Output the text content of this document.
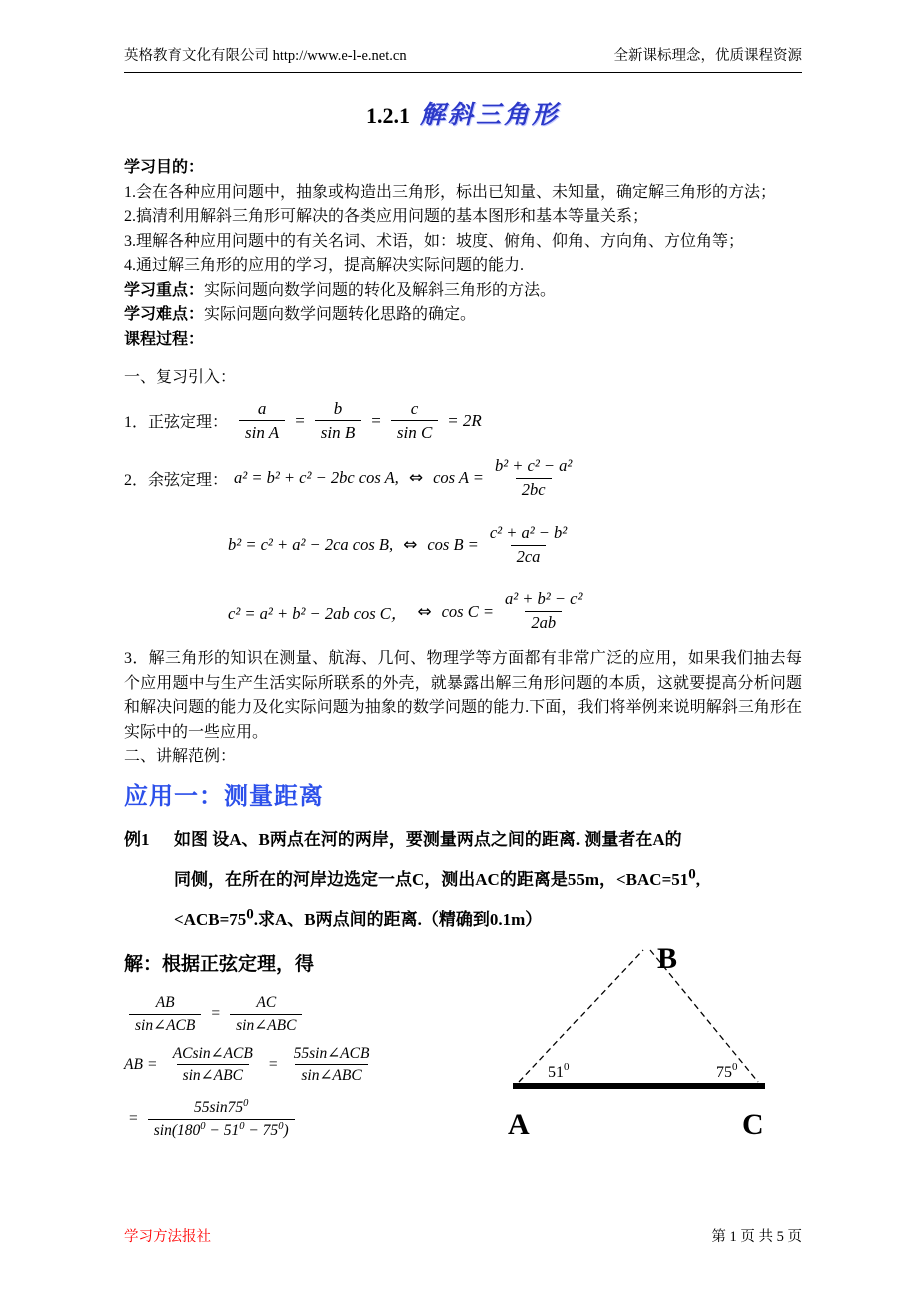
英格教育文化有限公司 http://www.e-l-e.net.cn	全新课标理念，优质课程资源
1.2.1 解斜三角形
学习目的：
1.会在各种应用问题中，抽象或构造出三角形，标出已知量、未知量，确定解三角形的方法；
2.搞清利用解斜三角形可解决的各类应用问题的基本图形和基本等量关系；
3.理解各种应用问题中的有关名词、术语，如：坡度、俯角、仰角、方向角、方位角等；
4.通过解三角形的应用的学习，提高解决实际问题的能力.
学习重点：实际问题向数学问题的转化及解斜三角形的方法。
学习难点：实际问题向数学问题转化思路的确定。
课程过程：
一、复习引入：
1．正弦定理： $\frac{a}{\text{sin A}} = \frac{b}{\text{sin B}} = \frac{c}{\text{sin C}} = 2R$
2．余弦定理： a² = b² + c² − 2bc cos A, ⇔ $\cos A = \frac{\text{b² + c² − a²}}{2bc}$
b² = c² + a² − 2ca cos B, ⇔ $\cos B = \frac{\text{c² + a² − b²}}{2ca}$
c² = a² + b² − 2ab cos C， ⇔ $\cos C = \frac{\text{a² + b² − c²}}{2ab}$
3．解三角形的知识在测量、航海、几何、物理学等方面都有非常广泛的应用，如果我们抽去每个应用题中与生产生活实际所联系的外壳，就暴露出解三角形问题的本质，这就要提高分析问题和解决问题的能力及化实际问题为抽象的数学问题的能力.下面，我们将举例来说明解斜三角形在实际中的一些应用。
二、讲解范例：
应用一：测量距离
例1 如图 设A、B两点在河的两岸，要测量两点之间的距离. 测量者在A的
同侧，在所在的河岸边选定一点C，测出AC的距离是55m，$<BAC=51^0$,
$<ACB=75^0$.求A、B两点间的距离.（精确到0.1m）
解：根据正弦定理，得
$\frac{AB}{\text{sin∠ACB}} = \frac{AC}{\text{sin∠ABC}}$
AB = $\frac{\text{ACsin∠ACB}}{\text{sin∠ABC}} = \frac{\text{55sin∠ACB}}{\text{sin∠ABC}}$
= $\frac{55\sin 75^0}{\sin(180^0 - 51^0 - 75^0)}$
B
A	C
$51^0$	$75^0$
学习方法报社	第 1 页 共 5 页
